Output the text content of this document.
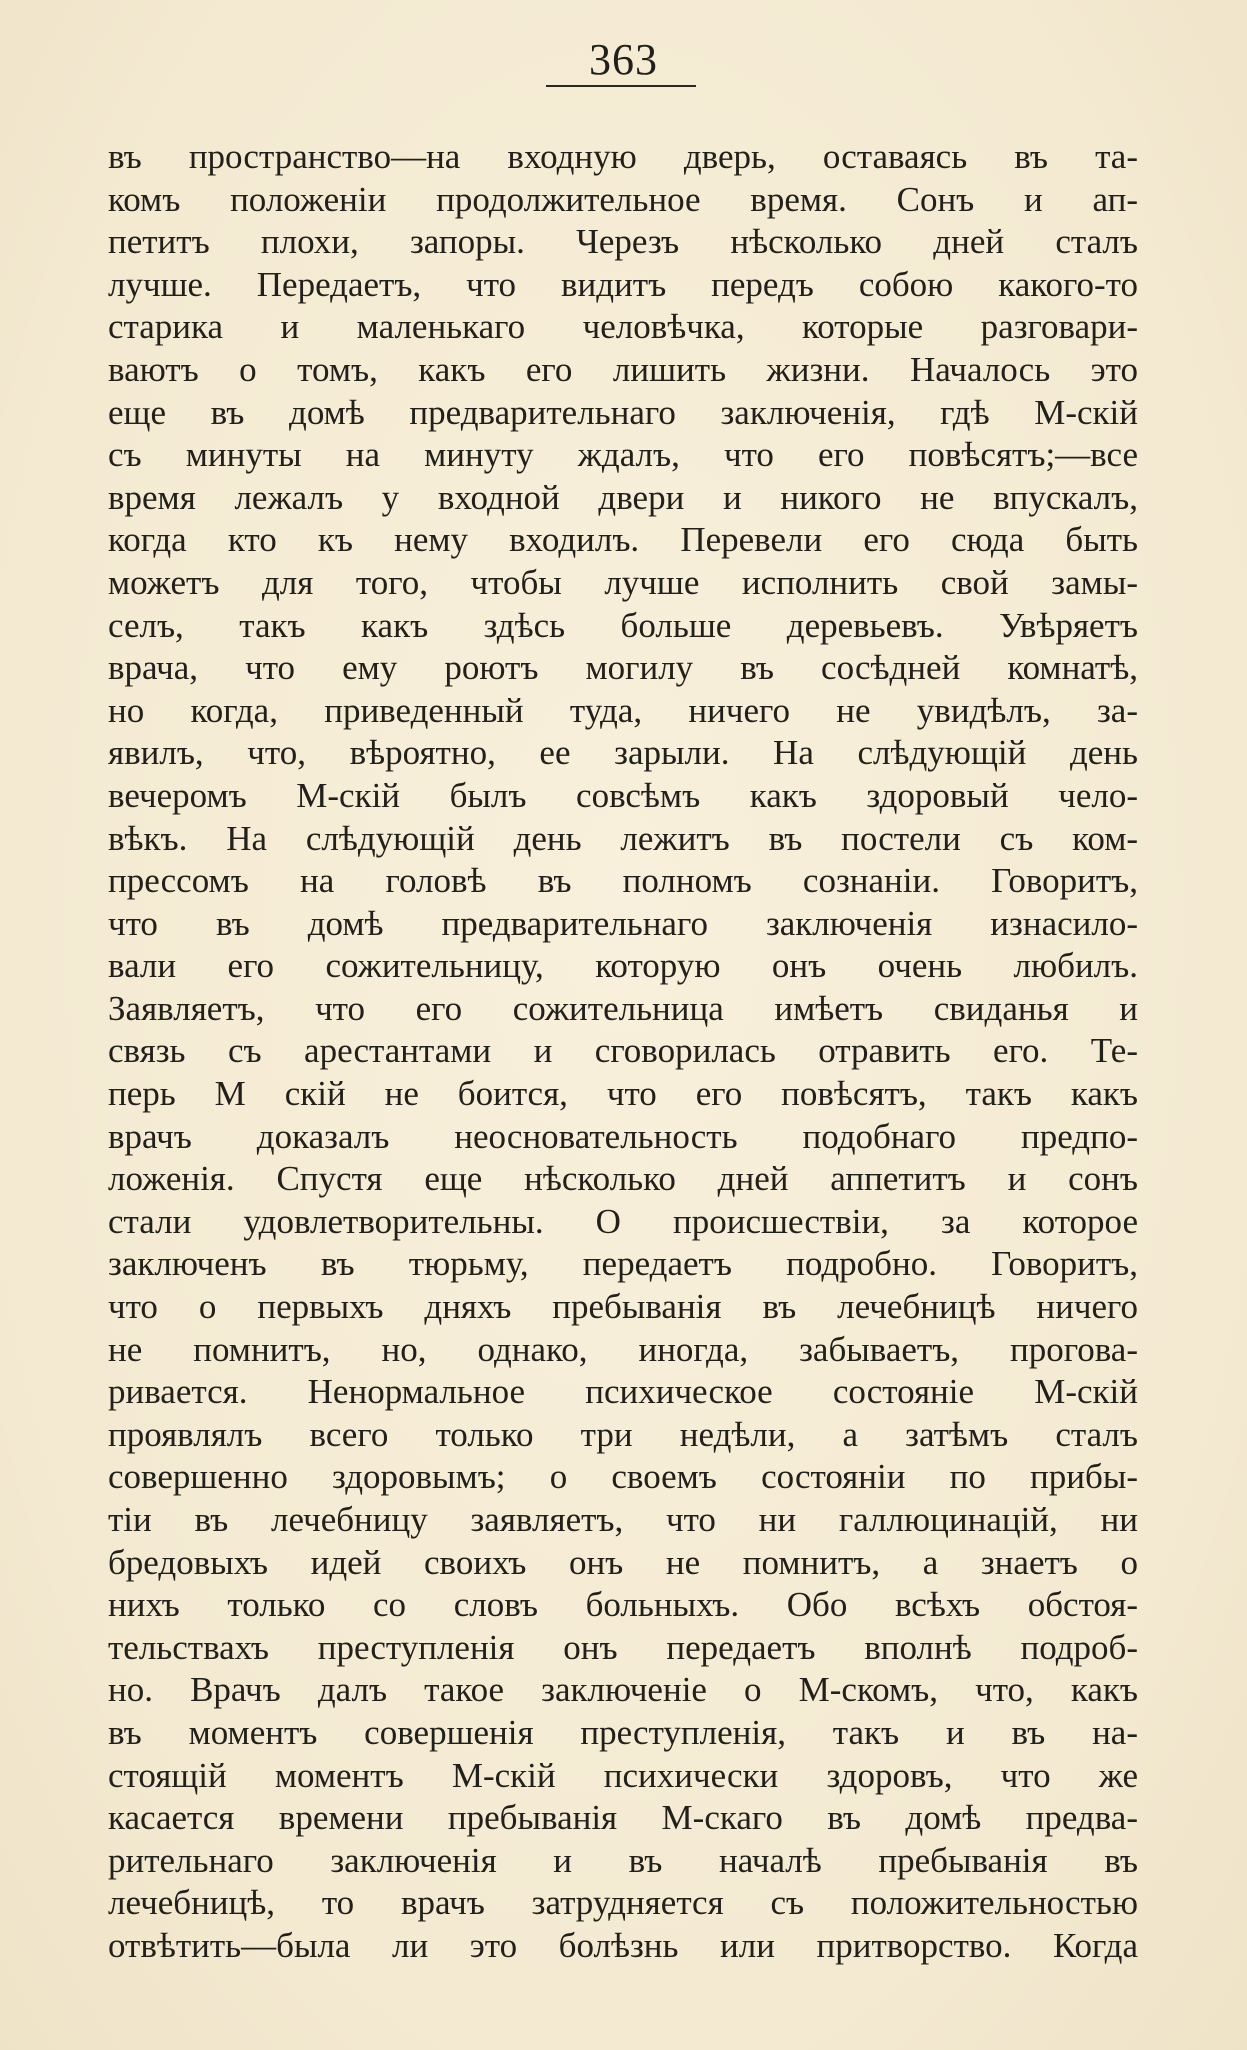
363
въ пространство—на входную дверь, оставаясь въ та-
комъ положеніи продолжительное время. Сонъ и ап-
петитъ плохи, запоры. Черезъ нѣсколько дней сталъ
лучше. Передаетъ, что видитъ передъ собою какого-то
старика и маленькаго человѣчка, которые разговари-
ваютъ о томъ, какъ его лишить жизни. Началось это
еще въ домѣ предварительнаго заключенія, гдѣ М-скій
съ минуты на минуту ждалъ, что его повѣсятъ;—все
время лежалъ у входной двери и никого не впускалъ,
когда кто къ нему входилъ. Перевели его сюда быть
можетъ для того, чтобы лучше исполнить свой замы-
селъ, такъ какъ здѣсь больше деревьевъ. Увѣряетъ
врача, что ему роютъ могилу въ сосѣдней комнатѣ,
но когда, приведенный туда, ничего не увидѣлъ, за-
явилъ, что, вѣроятно, ее зарыли. На слѣдующій день
вечеромъ М-скій былъ совсѣмъ какъ здоровый чело-
вѣкъ. На слѣдующій день лежитъ въ постели съ ком-
прессомъ на головѣ въ полномъ сознаніи. Говоритъ,
что въ домѣ предварительнаго заключенія изнасило-
вали его сожительницу, которую онъ очень любилъ.
Заявляетъ, что его сожительница имѣетъ свиданья и
связь съ арестантами и сговорилась отравить его. Те-
перь М скій не боится, что его повѣсятъ, такъ какъ
врачъ доказалъ неосновательность подобнаго предпо-
ложенія. Спустя еще нѣсколько дней аппетитъ и сонъ
стали удовлетворительны. О происшествіи, за которое
заключенъ въ тюрьму, передаетъ подробно. Говоритъ,
что о первыхъ дняхъ пребыванія въ лечебницѣ ничего
не помнитъ, но, однако, иногда, забываетъ, прогова-
ривается. Ненормальное психическое состояніе М-скій
проявлялъ всего только три недѣли, а затѣмъ сталъ
совершенно здоровымъ; о своемъ состояніи по прибы-
тіи въ лечебницу заявляетъ, что ни галлюцинацій, ни
бредовыхъ идей своихъ онъ не помнитъ, а знаетъ о
нихъ только со словъ больныхъ. Обо всѣхъ обстоя-
тельствахъ преступленія онъ передаетъ вполнѣ подроб-
но. Врачъ далъ такое заключеніе о М-скомъ, что, какъ
въ моментъ совершенія преступленія, такъ и въ на-
стоящій моментъ М-скій психически здоровъ, что же
касается времени пребыванія М-скаго въ домѣ предва-
рительнаго заключенія и въ началѣ пребыванія въ
лечебницѣ, то врачъ затрудняется съ положительностью
отвѣтить—была ли это болѣзнь или притворство. Когда
